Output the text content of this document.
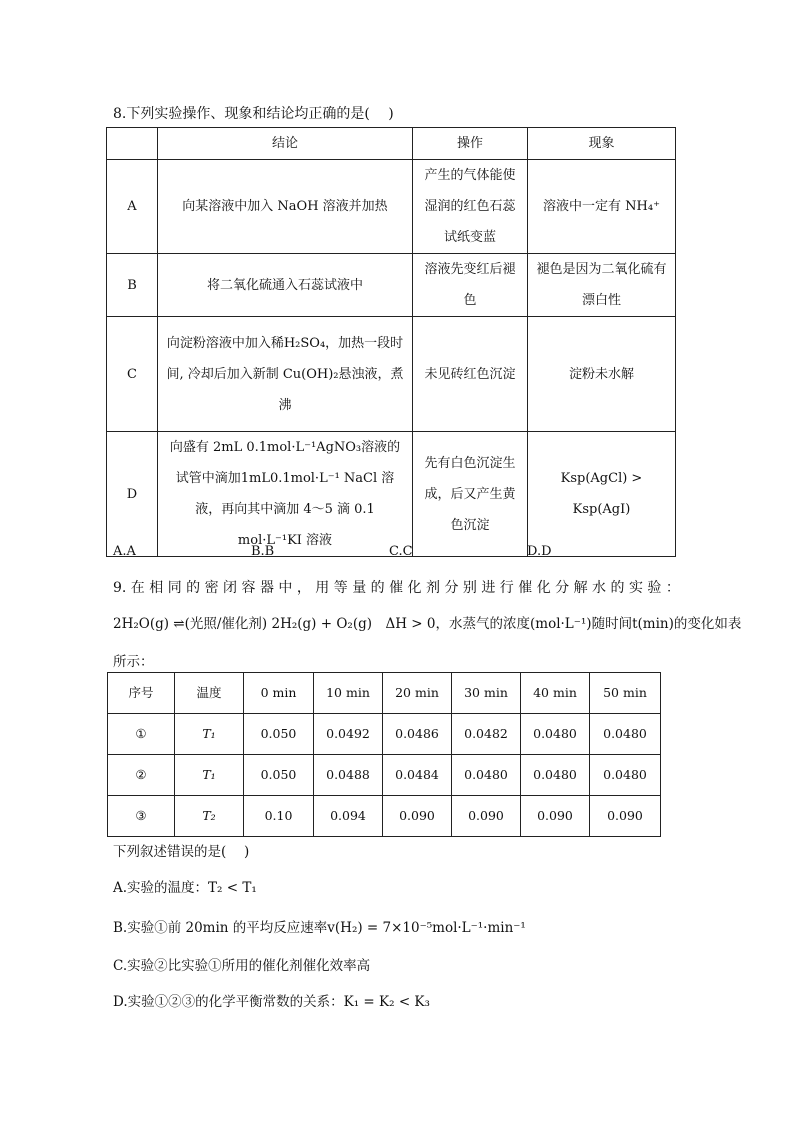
8.下列实验操作、现象和结论均正确的是(　 )
	结论	操作	现象
A	向某溶液中加入 NaOH 溶液并加热	产生的气体能使湿润的红色石蕊试纸变蓝	溶液中一定有 NH₄⁺
B	将二氧化硫通入石蕊试液中	溶液先变红后褪色	褪色是因为二氧化硫有漂白性
C	向淀粉溶液中加入稀H₂SO₄，加热一段时间, 冷却后加入新制 Cu(OH)₂悬浊液，煮沸	未见砖红色沉淀	淀粉未水解
D	向盛有 2mL 0.1mol·L⁻¹AgNO₃溶液的试管中滴加1mL0.1mol·L⁻¹ NaCl 溶液，再向其中滴加 4～5 滴 0.1 mol·L⁻¹KI 溶液	先有白色沉淀生成，后又产生黄色沉淀	Ksp(AgCl) > Ksp(AgI)
A.A	B.B	C.C	D.D
9. 在 相 同 的 密 闭 容 器 中 ， 用 等 量 的 催 化 剂 分 别 进 行 催 化 分 解 水 的 实 验 ：
2H₂O(g) ⇌(光照/催化剂) 2H₂(g) + O₂(g)　ΔH > 0，水蒸气的浓度(mol·L⁻¹)随时间t(min)的变化如表
所示：
序号	温度	0 min	10 min	20 min	30 min	40 min	50 min
①	T₁	0.050	0.0492	0.0486	0.0482	0.0480	0.0480
②	T₁	0.050	0.0488	0.0484	0.0480	0.0480	0.0480
③	T₂	0.10	0.094	0.090	0.090	0.090	0.090
下列叙述错误的是(　 )
A.实验的温度：T₂ < T₁
B.实验①前 20min 的平均反应速率v(H₂) = 7×10⁻⁵mol·L⁻¹·min⁻¹
C.实验②比实验①所用的催化剂催化效率高
D.实验①②③的化学平衡常数的关系：K₁ = K₂ < K₃
